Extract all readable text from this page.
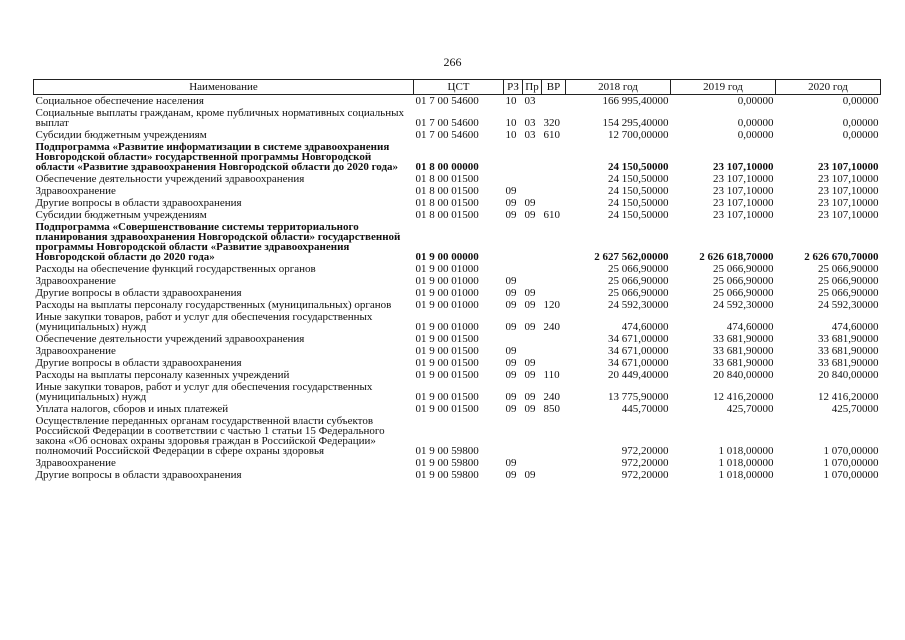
266
Наименование	ЦСТ	РЗ	Пр	ВР	2018 год	2019 год	2020 год
Социальное обеспечение населения	01 7 00 54600	10	03		166 995,40000	0,00000	0,00000
Социальные выплаты гражданам, кроме публичных нормативных социальных выплат	01 7 00 54600	10	03	320	154 295,40000	0,00000	0,00000
Субсидии бюджетным учреждениям	01 7 00 54600	10	03	610	12 700,00000	0,00000	0,00000
Подпрограмма «Развитие информатизации в системе здравоохранения Новгородской области» государственной программы Новгородской области «Развитие здравоохранения Новгородской области до 2020 года»	01 8 00 00000				24 150,50000	23 107,10000	23 107,10000
Обеспечение деятельности учреждений здравоохранения	01 8 00 01500				24 150,50000	23 107,10000	23 107,10000
Здравоохранение	01 8 00 01500	09			24 150,50000	23 107,10000	23 107,10000
Другие вопросы в области здравоохранения	01 8 00 01500	09	09		24 150,50000	23 107,10000	23 107,10000
Субсидии бюджетным учреждениям	01 8 00 01500	09	09	610	24 150,50000	23 107,10000	23 107,10000
Подпрограмма «Совершенствование системы территориального планирования здравоохранения Новгородской области» государственной программы Новгородской области «Развитие здравоохранения Новгородской области до 2020 года»	01 9 00 00000				2 627 562,00000	2 626 618,70000	2 626 670,70000
Расходы на обеспечение функций государственных органов	01 9 00 01000				25 066,90000	25 066,90000	25 066,90000
Здравоохранение	01 9 00 01000	09			25 066,90000	25 066,90000	25 066,90000
Другие вопросы в области здравоохранения	01 9 00 01000	09	09		25 066,90000	25 066,90000	25 066,90000
Расходы на выплаты персоналу государственных (муниципальных) органов	01 9 00 01000	09	09	120	24 592,30000	24 592,30000	24 592,30000
Иные закупки товаров, работ и услуг для обеспечения государственных (муниципальных) нужд	01 9 00 01000	09	09	240	474,60000	474,60000	474,60000
Обеспечение деятельности учреждений здравоохранения	01 9 00 01500				34 671,00000	33 681,90000	33 681,90000
Здравоохранение	01 9 00 01500	09			34 671,00000	33 681,90000	33 681,90000
Другие вопросы в области здравоохранения	01 9 00 01500	09	09		34 671,00000	33 681,90000	33 681,90000
Расходы на выплаты персоналу казенных учреждений	01 9 00 01500	09	09	110	20 449,40000	20 840,00000	20 840,00000
Иные закупки товаров, работ и услуг для обеспечения государственных (муниципальных) нужд	01 9 00 01500	09	09	240	13 775,90000	12 416,20000	12 416,20000
Уплата налогов, сборов и иных платежей	01 9 00 01500	09	09	850	445,70000	425,70000	425,70000
Осуществление переданных органам государственной власти субъектов Российской Федерации в соответствии с частью 1 статьи 15 Федерального закона «Об основах охраны здоровья граждан в Российской Федерации» полномочий Российской Федерации в сфере охраны здоровья	01 9 00 59800				972,20000	1 018,00000	1 070,00000
Здравоохранение	01 9 00 59800	09			972,20000	1 018,00000	1 070,00000
Другие вопросы в области здравоохранения	01 9 00 59800	09	09		972,20000	1 018,00000	1 070,00000
